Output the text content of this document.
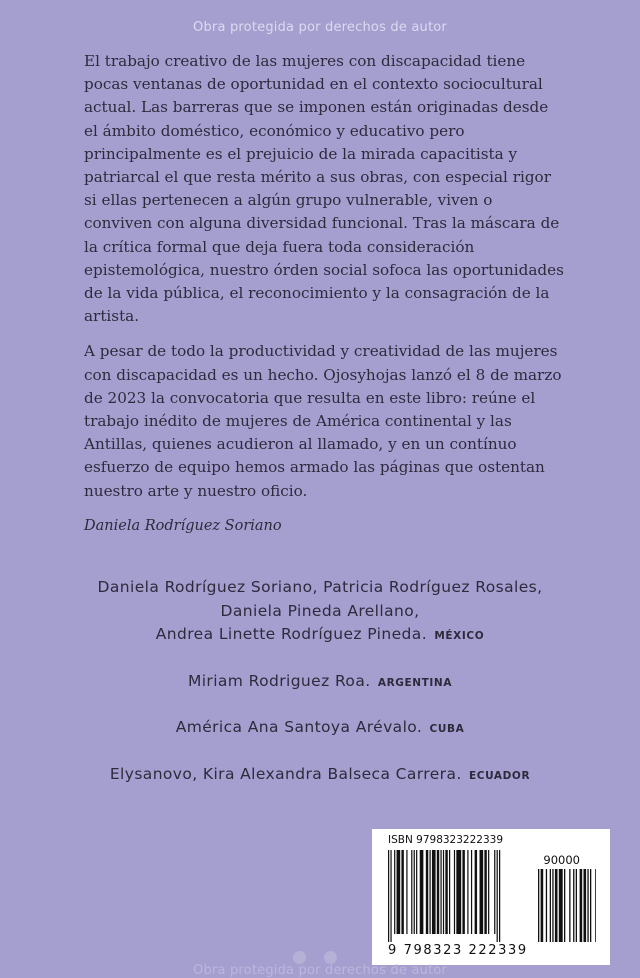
Obra protegida por derechos de autor

El trabajo creativo de las mujeres con discapacidad tiene pocas ventanas de oportunidad en el contexto sociocultural actual. Las barreras que se imponen están originadas desde el ámbito doméstico, económico y educativo pero principalmente es el prejuicio de la mirada capacitista y patriarcal el que resta mérito a sus obras, con especial rigor si ellas pertenecen a algún grupo vulnerable, viven o conviven con alguna diversidad funcional. Tras la máscara de la crítica formal que deja fuera toda consideración epistemológica, nuestro órden social sofoca las oportunidades de la vida pública, el reconocimiento y la consagración de la artista.

A pesar de todo la productividad y creatividad de las mujeres con discapacidad es un hecho. Ojosyhojas lanzó el 8 de marzo de 2023 la convocatoria que resulta en este libro: reúne el trabajo inédito de mujeres de América continental y las Antillas, quienes acudieron al llamado, y en un contínuo esfuerzo de equipo hemos armado las páginas que ostentan nuestro arte y nuestro oficio.

Daniela Rodríguez Soriano

Daniela Rodríguez Soriano, Patricia Rodríguez Rosales,
Daniela Pineda Arellano,
Andrea Linette Rodríguez Pineda. MÉXICO
Miriam Rodriguez Roa. ARGENTINA
América Ana Santoya Arévalo. CUBA
Elysanovo, Kira Alexandra Balseca Carrera. ECUADOR
ISBN 9798323222339
90000
9 798323 222339
Obra protegida por derechos de autor
